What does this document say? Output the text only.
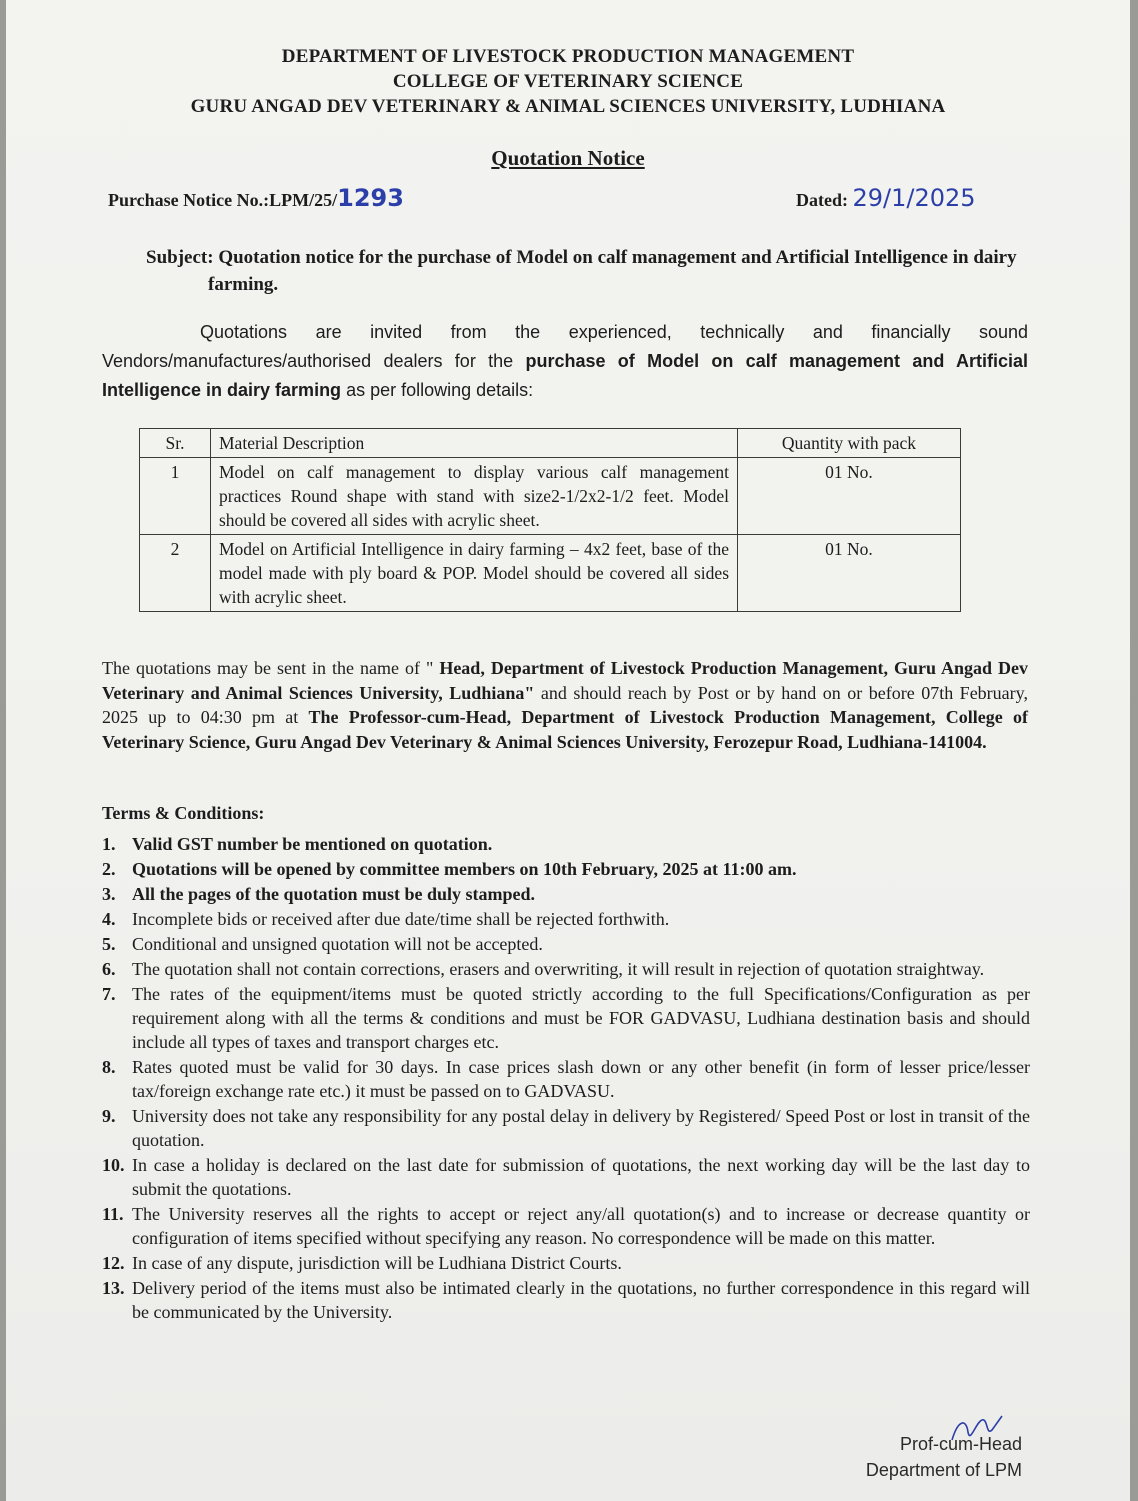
DEPARTMENT OF LIVESTOCK PRODUCTION MANAGEMENT
COLLEGE OF VETERINARY SCIENCE
GURU ANGAD DEV VETERINARY & ANIMAL SCIENCES UNIVERSITY, LUDHIANA
Quotation Notice
Purchase Notice No.:LPM/25/1293	Dated: 29/1/2025
Subject: Quotation notice for the purchase of Model on calf management and Artificial Intelligence in dairy farming.
Quotations are invited from the experienced, technically and financially sound Vendors/manufactures/authorised dealers for the purchase of Model on calf management and Artificial Intelligence in dairy farming as per following details:
Sr.	Material Description	Quantity with pack
1	Model on calf management to display various calf management practices Round shape with stand with size2-1/2x2-1/2 feet. Model should be covered all sides with acrylic sheet.	01 No.
2	Model on Artificial Intelligence in dairy farming – 4x2 feet, base of the model made with ply board & POP. Model should be covered all sides with acrylic sheet.	01 No.
The quotations may be sent in the name of " Head, Department of Livestock Production Management, Guru Angad Dev Veterinary and Animal Sciences University, Ludhiana" and should reach by Post or by hand on or before 07th February, 2025 up to 04:30 pm at The Professor-cum-Head, Department of Livestock Production Management, College of Veterinary Science, Guru Angad Dev Veterinary & Animal Sciences University, Ferozepur Road, Ludhiana-141004.
Terms & Conditions:
1. Valid GST number be mentioned on quotation.
2. Quotations will be opened by committee members on 10th February, 2025 at 11:00 am.
3. All the pages of the quotation must be duly stamped.
4. Incomplete bids or received after due date/time shall be rejected forthwith.
5. Conditional and unsigned quotation will not be accepted.
6. The quotation shall not contain corrections, erasers and overwriting, it will result in rejection of quotation straightway.
7. The rates of the equipment/items must be quoted strictly according to the full Specifications/Configuration as per requirement along with all the terms & conditions and must be FOR GADVASU, Ludhiana destination basis and should include all types of taxes and transport charges etc.
8. Rates quoted must be valid for 30 days. In case prices slash down or any other benefit (in form of lesser price/lesser tax/foreign exchange rate etc.) it must be passed on to GADVASU.
9. University does not take any responsibility for any postal delay in delivery by Registered/ Speed Post or lost in transit of the quotation.
10. In case a holiday is declared on the last date for submission of quotations, the next working day will be the last day to submit the quotations.
11. The University reserves all the rights to accept or reject any/all quotation(s) and to increase or decrease quantity or configuration of items specified without specifying any reason. No correspondence will be made on this matter.
12. In case of any dispute, jurisdiction will be Ludhiana District Courts.
13. Delivery period of the items must also be intimated clearly in the quotations, no further correspondence in this regard will be communicated by the University.
Prof-cum-Head
Department of LPM
